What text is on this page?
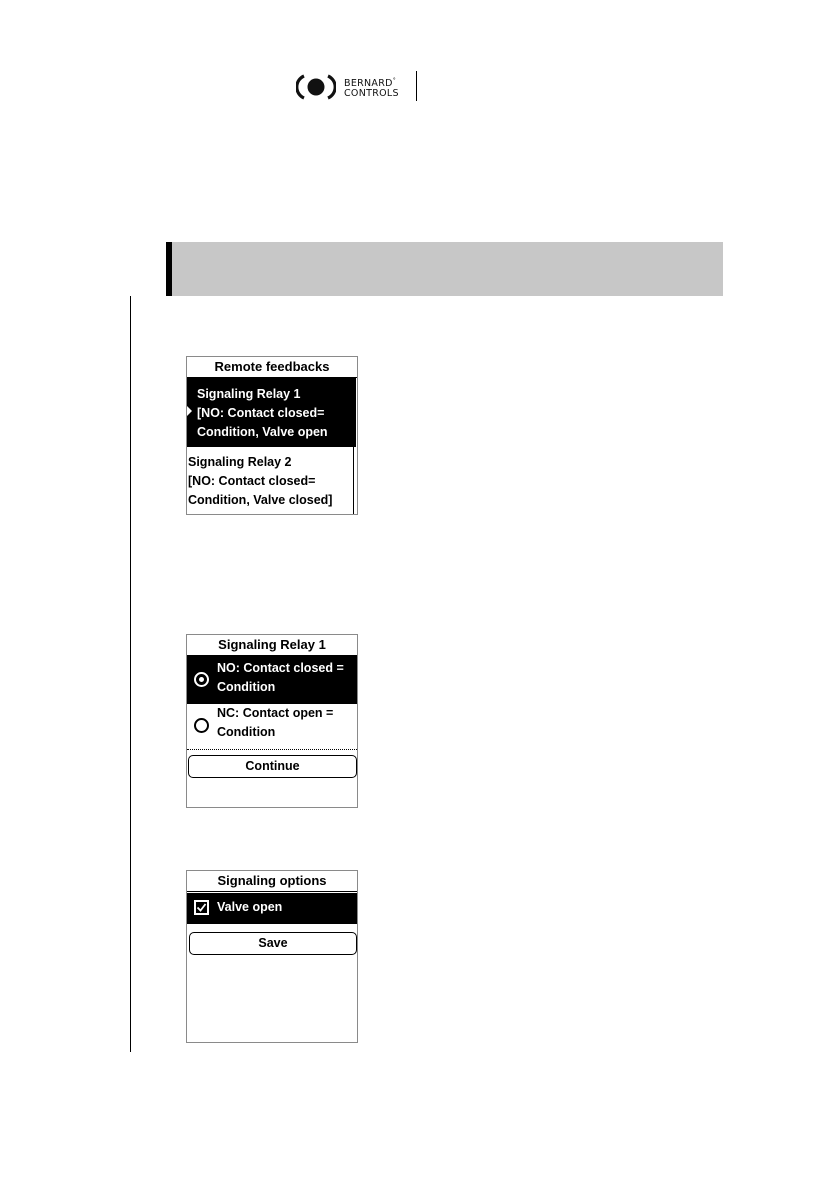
BERNARD°
CONTROLS
Remote feedbacks
Signaling Relay 1
[NO: Contact closed=
Condition, Valve open
Signaling Relay 2
[NO: Contact closed=
Condition, Valve closed]
Signaling Relay 1
NO: Contact closed =
Condition
NC: Contact open =
Condition
Continue
Signaling options
Valve open
Save
